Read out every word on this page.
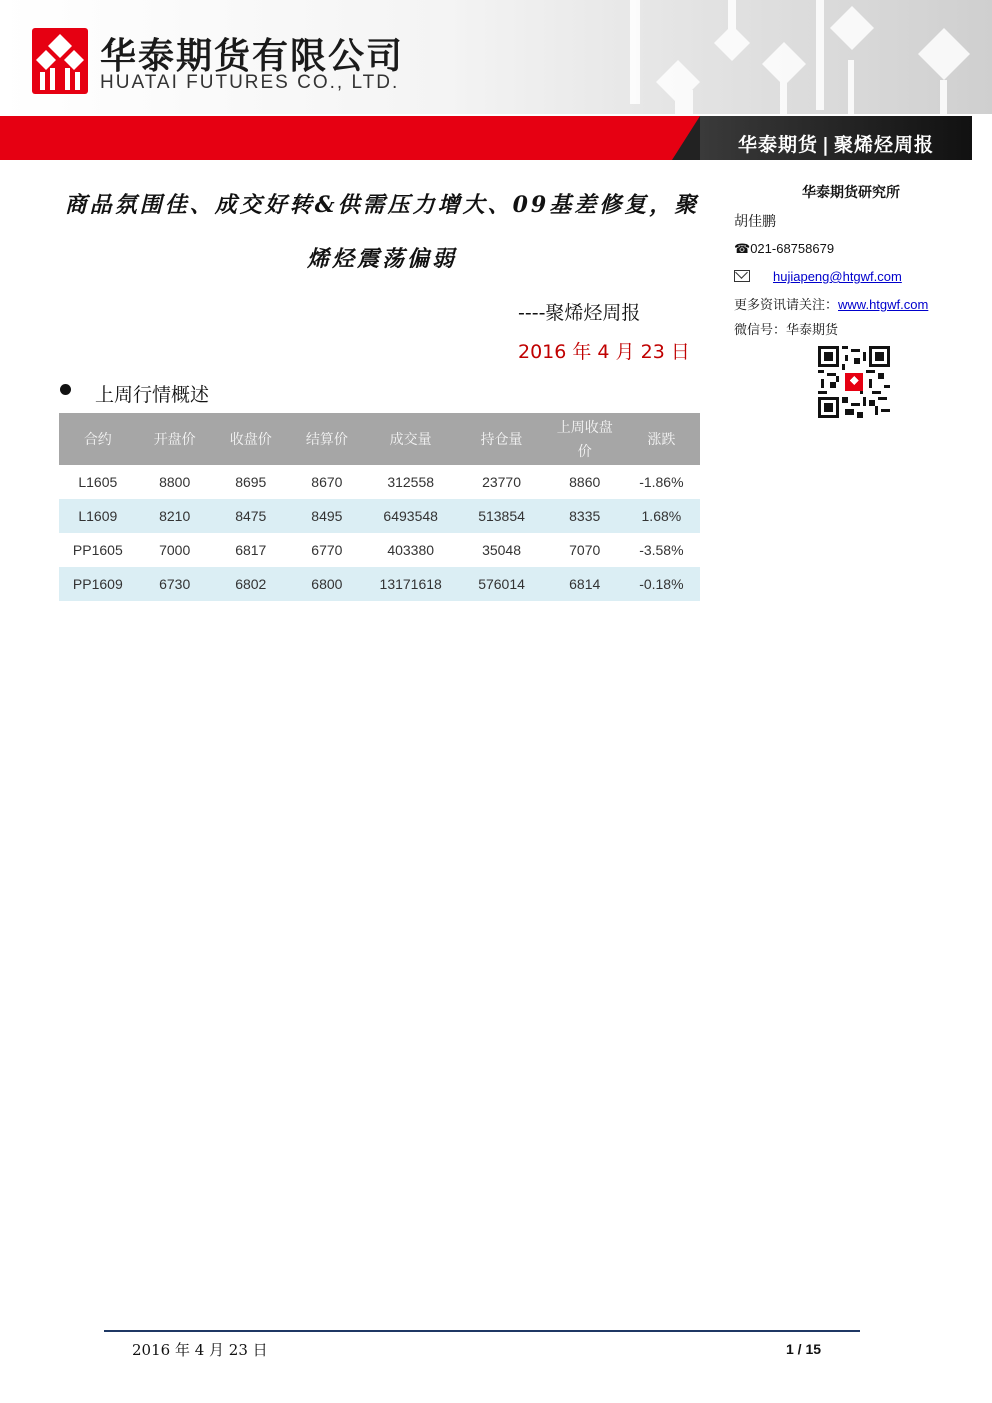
华泰期货有限公司
HUATAI FUTURES CO., LTD.
华泰期货 | 聚烯烃周报
商品氛围佳、成交好转&供需压力增大、09基差修复，聚烯烃震荡偏弱
----聚烯烃周报
2016 年 4 月 23 日
上周行情概述
合约	开盘价	收盘价	结算价	成交量	持仓量	上周收盘价	涨跌
L1605	8800	8695	8670	312558	23770	8860	-1.86%
L1609	8210	8475	8495	6493548	513854	8335	1.68%
PP1605	7000	6817	6770	403380	35048	7070	-3.58%
PP1609	6730	6802	6800	13171618	576014	6814	-0.18%
华泰期货研究所
胡佳鹏
☎021-68758679
hujiapeng@htgwf.com
更多资讯请关注：www.htgwf.com
微信号：华泰期货
2016 年 4 月 23 日	1 / 15
